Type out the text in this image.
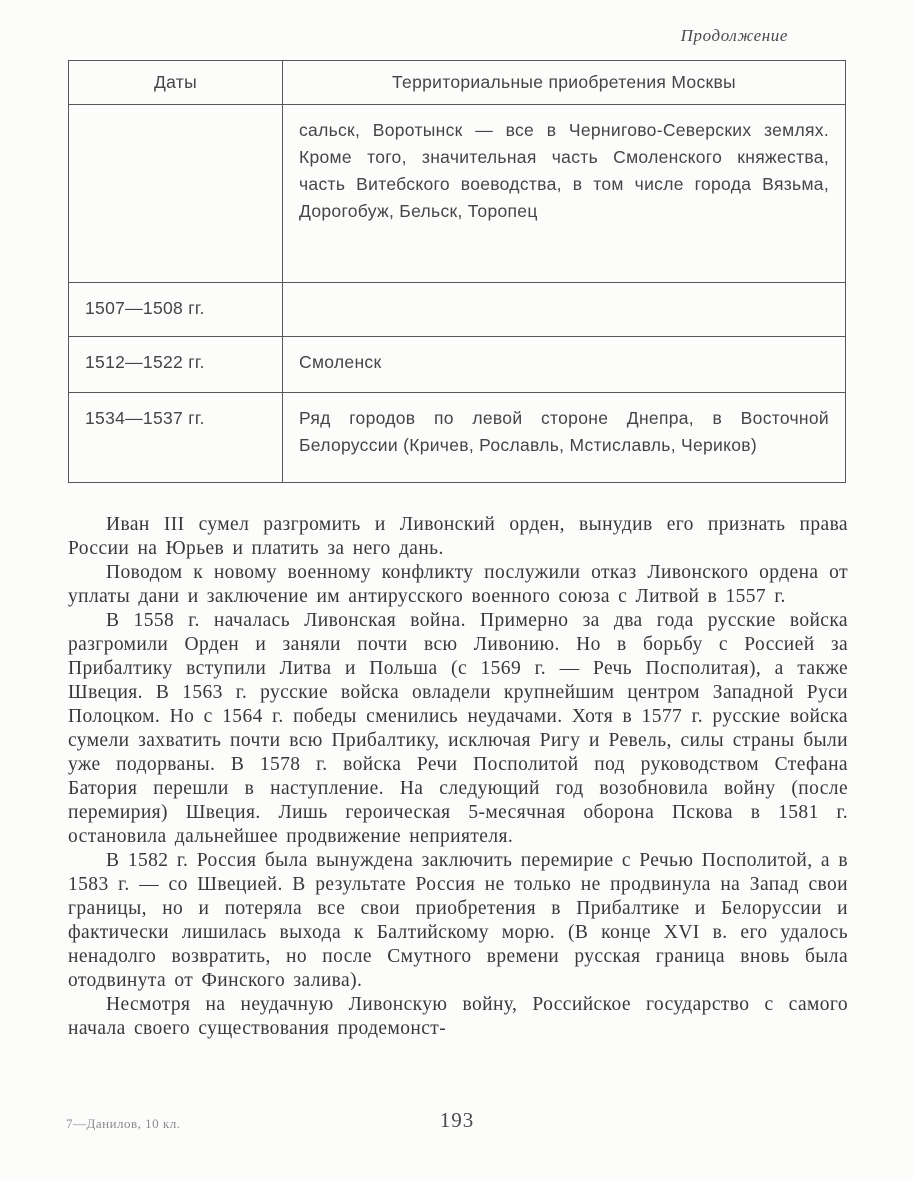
Продолжение
Даты	Территориальные приобретения Москвы
	сальск, Воротынск — все в Чернигово-Северских землях. Кроме того, значительная часть Смоленского княжества, часть Витебского воеводства, в том числе города Вязьма, Дорогобуж, Бельск, Торопец
1507—1508 гг.	
1512—1522 гг.	Смоленск
1534—1537 гг.	Ряд городов по левой стороне Днепра, в Восточной Белоруссии (Кричев, Рославль, Мстиславль, Чериков)

Иван III сумел разгромить и Ливонский орден, вынудив его признать права России на Юрьев и платить за него дань.

Поводом к новому военному конфликту послужили отказ Ливонского ордена от уплаты дани и заключение им антирусского военного союза с Литвой в 1557 г.

В 1558 г. началась Ливонская война. Примерно за два года русские войска разгромили Орден и заняли почти всю Ливонию. Но в борьбу с Россией за Прибалтику вступили Литва и Польша (с 1569 г. — Речь Посполитая), а также Швеция. В 1563 г. русские войска овладели крупнейшим центром Западной Руси Полоцком. Но с 1564 г. победы сменились неудачами. Хотя в 1577 г. русские войска сумели захватить почти всю Прибалтику, исключая Ригу и Ревель, силы страны были уже подорваны. В 1578 г. войска Речи Посполитой под руководством Стефана Батория перешли в наступление. На следующий год возобновила войну (после перемирия) Швеция. Лишь героическая 5-месячная оборона Пскова в 1581 г. остановила дальнейшее продвижение неприятеля.

В 1582 г. Россия была вынуждена заключить перемирие с Речью Посполитой, а в 1583 г. — со Швецией. В результате Россия не только не продвинула на Запад свои границы, но и потеряла все свои приобретения в Прибалтике и Белоруссии и фактически лишилась выхода к Балтийскому морю. (В конце XVI в. его удалось ненадолго возвратить, но после Смутного времени русская граница вновь была отодвинута от Финского залива).

Несмотря на неудачную Ливонскую войну, Российское государство с самого начала своего существования продемонст-

7—Данилов, 10 кл.	193
